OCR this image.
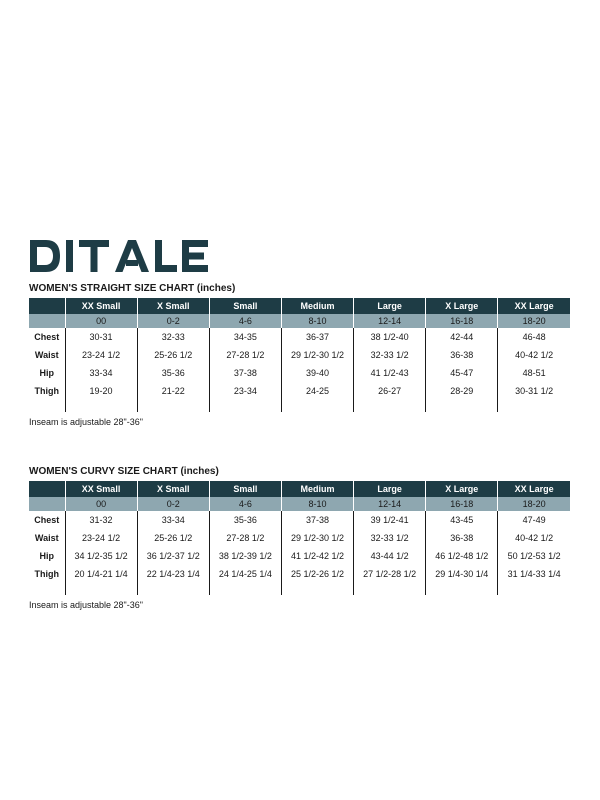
WOMEN'S STRAIGHT SIZE CHART (inches)
	XX Small	X Small	Small	Medium	Large	X Large	XX Large
	00	0-2	4-6	8-10	12-14	16-18	18-20
Chest	30-31	32-33	34-35	36-37	38 1/2-40	42-44	46-48
Waist	23-24 1/2	25-26 1/2	27-28 1/2	29 1/2-30 1/2	32-33 1/2	36-38	40-42 1/2
Hip	33-34	35-36	37-38	39-40	41 1/2-43	45-47	48-51
Thigh	19-20	21-22	23-34	24-25	26-27	28-29	30-31 1/2

Inseam is adjustable 28"-36"
WOMEN'S CURVY SIZE CHART (inches)
	XX Small	X Small	Small	Medium	Large	X Large	XX Large
	00	0-2	4-6	8-10	12-14	16-18	18-20
Chest	31-32	33-34	35-36	37-38	39 1/2-41	43-45	47-49
Waist	23-24 1/2	25-26 1/2	27-28 1/2	29 1/2-30 1/2	32-33 1/2	36-38	40-42 1/2
Hip	34 1/2-35 1/2	36 1/2-37 1/2	38 1/2-39 1/2	41 1/2-42 1/2	43-44 1/2	46 1/2-48 1/2	50 1/2-53 1/2
Thigh	20 1/4-21 1/4	22 1/4-23 1/4	24 1/4-25 1/4	25 1/2-26 1/2	27 1/2-28 1/2	29 1/4-30 1/4	31 1/4-33 1/4

Inseam is adjustable 28"-36"
